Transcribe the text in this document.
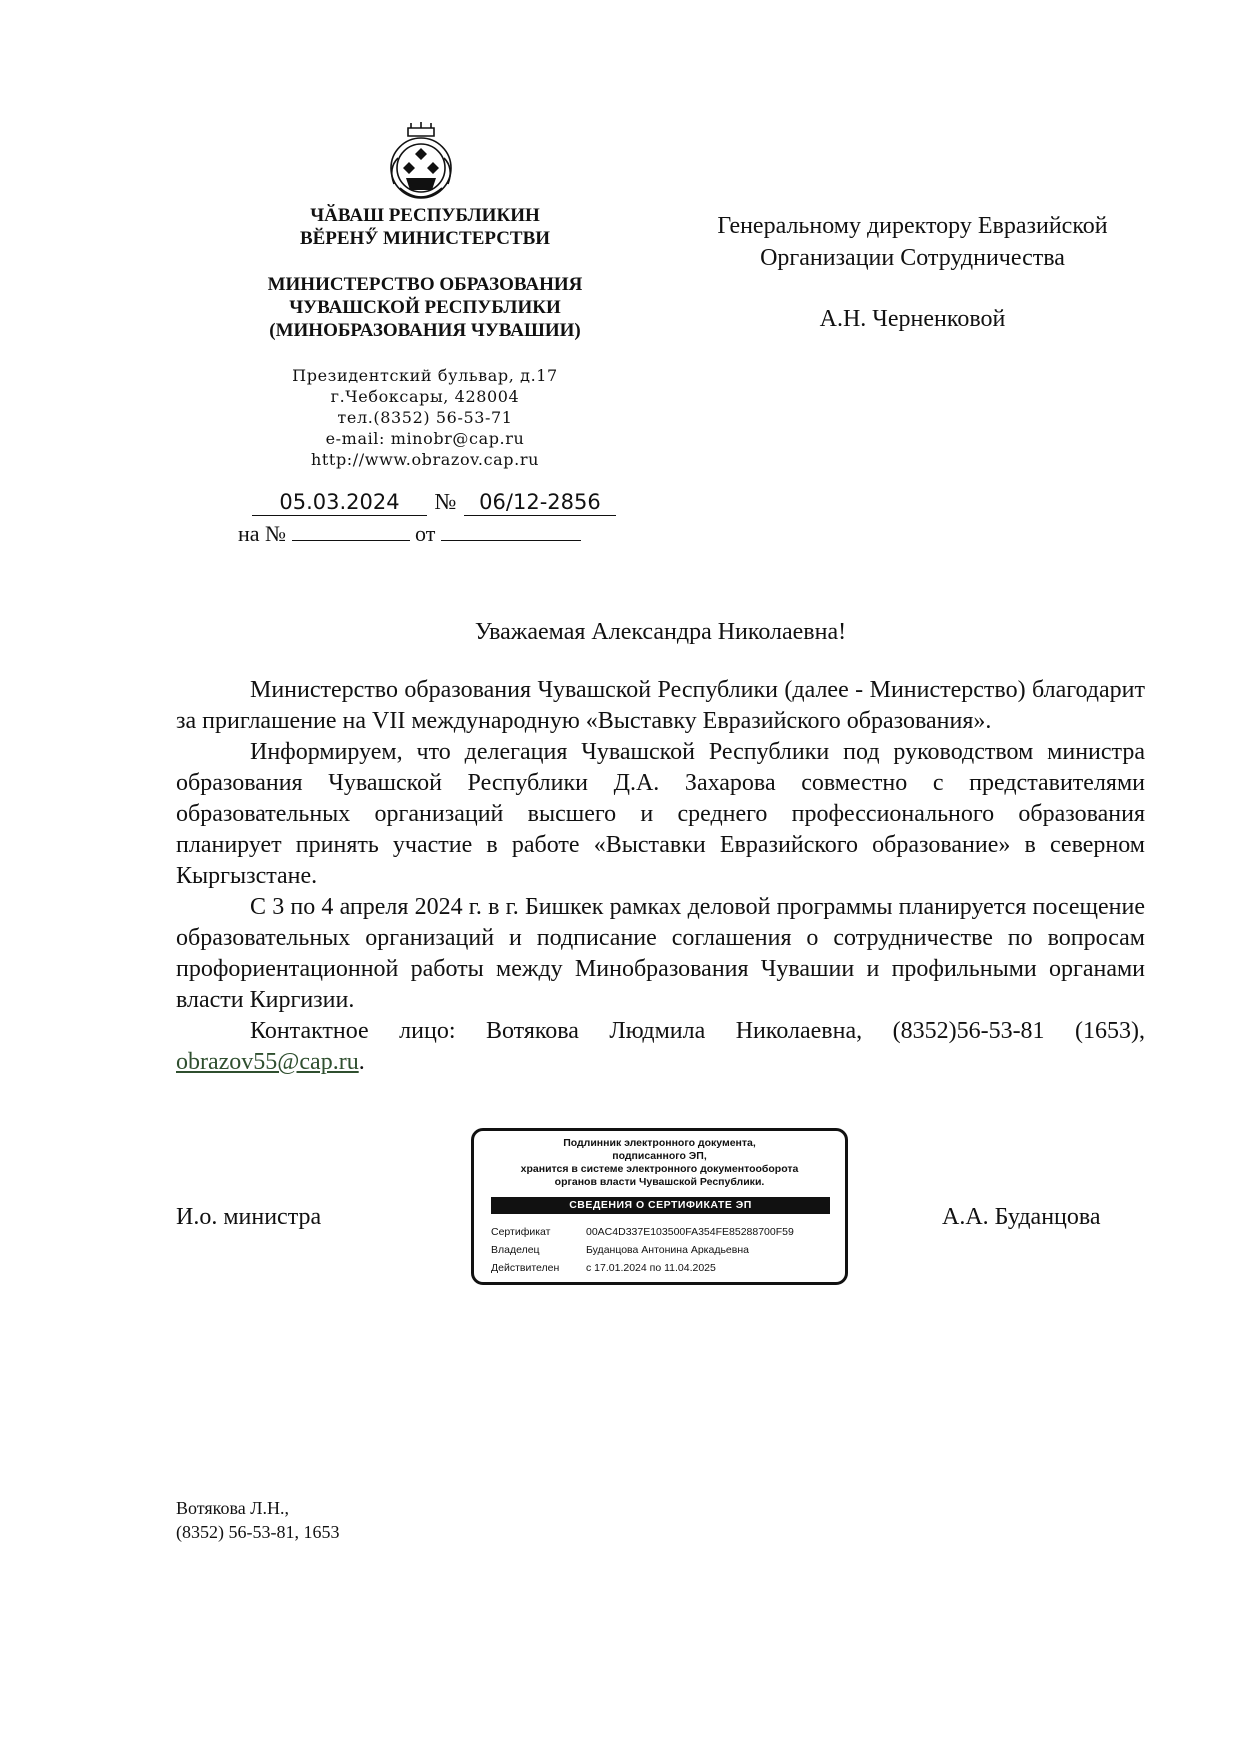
ЧӐВАШ РЕСПУБЛИКИН
ВӖРЕНӲ МИНИСТЕРСТВИ
МИНИСТЕРСТВО ОБРАЗОВАНИЯ
ЧУВАШСКОЙ РЕСПУБЛИКИ
(МИНОБРАЗОВАНИЯ ЧУВАШИИ)
Президентский бульвар, д.17
г.Чебоксары, 428004
тел.(8352) 56-53-71
e-mail: minobr@cap.ru
http://www.obrazov.cap.ru
05.03.2024 № 06/12-2856
на №	от
Генеральному директору Евразийской
Организации Сотрудничества
А.Н. Черненковой
Уважаемая Александра Николаевна!

Министерство образования Чувашской Республики (далее - Министерство) благодарит за приглашение на VII международную «Выставку Евразийского образования».

Информируем, что делегация Чувашской Республики под руководством министра образования Чувашской Республики Д.А. Захарова совместно с представителями образовательных организаций высшего и среднего профессионального образования планирует принять участие в работе «Выставки Евразийского образование» в северном Кыргызстане.

С 3 по 4 апреля 2024 г. в г. Бишкек рамках деловой программы планируется посещение образовательных организаций и подписание соглашения о сотрудничестве по вопросам профориентационной работы между Минобразования Чувашии и профильными органами власти Киргизии.

Контактное лицо: Вотякова Людмила Николаевна, (8352)56-53-81 (1653), obrazov55@cap.ru.

И.о. министра	А.А. Буданцова
Подлинник электронного документа,
подписанного ЭП,
хранится в системе электронного документооборота
органов власти Чувашской Республики.
СВЕДЕНИЯ О СЕРТИФИКАТЕ ЭП
Сертификат	00AC4D337E103500FA354FE85288700F59
Владелец	Буданцова Антонина Аркадьевна
Действителен	с 17.01.2024 по 11.04.2025
Вотякова Л.Н.,
(8352) 56-53-81, 1653
